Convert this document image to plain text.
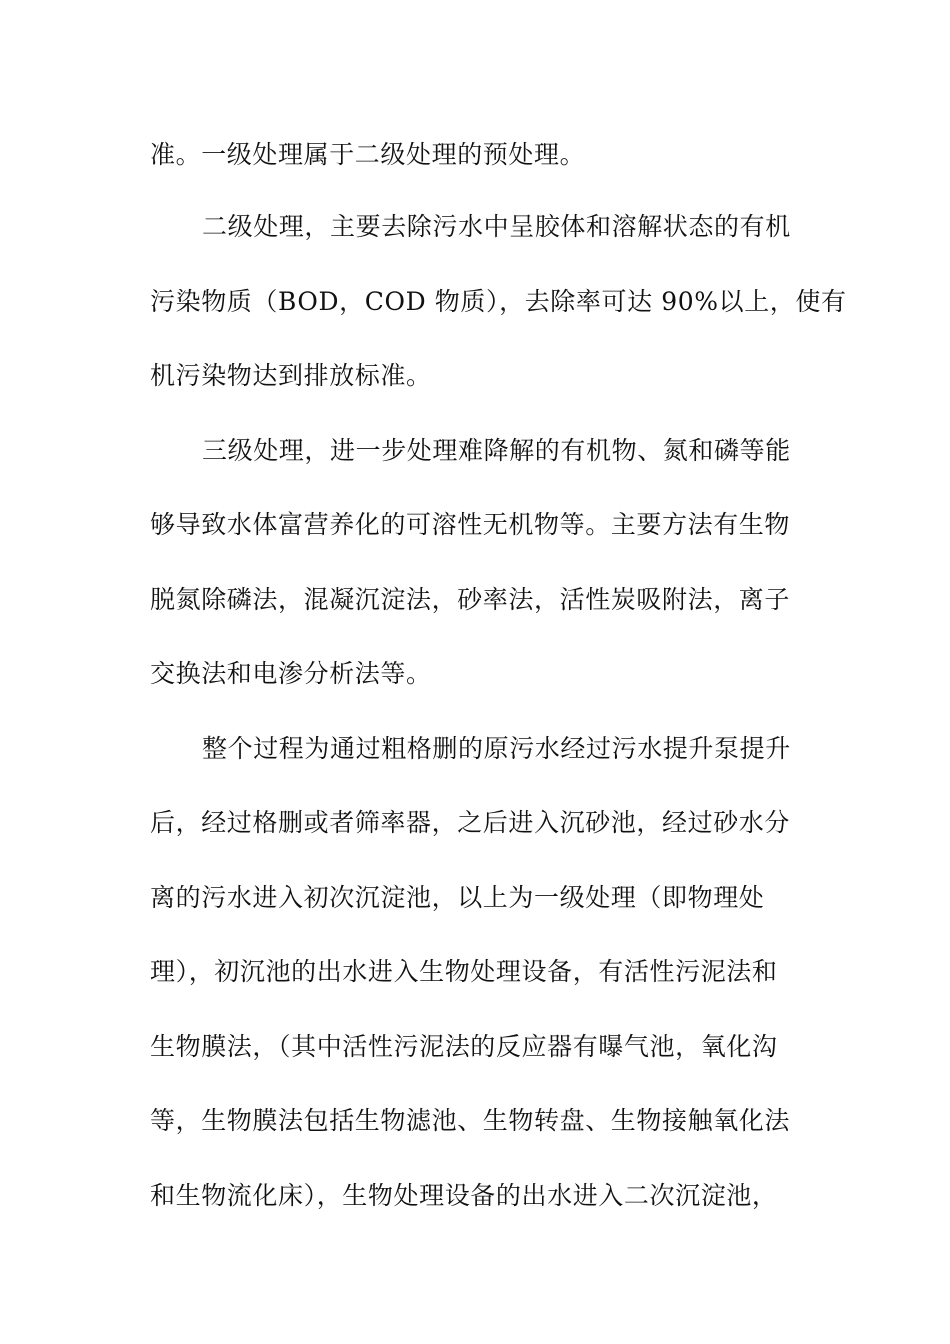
准。一级处理属于二级处理的预处理。
二级处理，主要去除污水中呈胶体和溶解状态的有机
污染物质（BOD，COD 物质），去除率可达 90%以上，使有
机污染物达到排放标准。
三级处理，进一步处理难降解的有机物、氮和磷等能
够导致水体富营养化的可溶性无机物等。主要方法有生物
脱氮除磷法，混凝沉淀法，砂率法，活性炭吸附法，离子
交换法和电渗分析法等。
整个过程为通过粗格删的原污水经过污水提升泵提升
后，经过格删或者筛率器，之后进入沉砂池，经过砂水分
离的污水进入初次沉淀池，以上为一级处理（即物理处
理），初沉池的出水进入生物处理设备，有活性污泥法和
生物膜法，（其中活性污泥法的反应器有曝气池，氧化沟
等，生物膜法包括生物滤池、生物转盘、生物接触氧化法
和生物流化床），生物处理设备的出水进入二次沉淀池，
